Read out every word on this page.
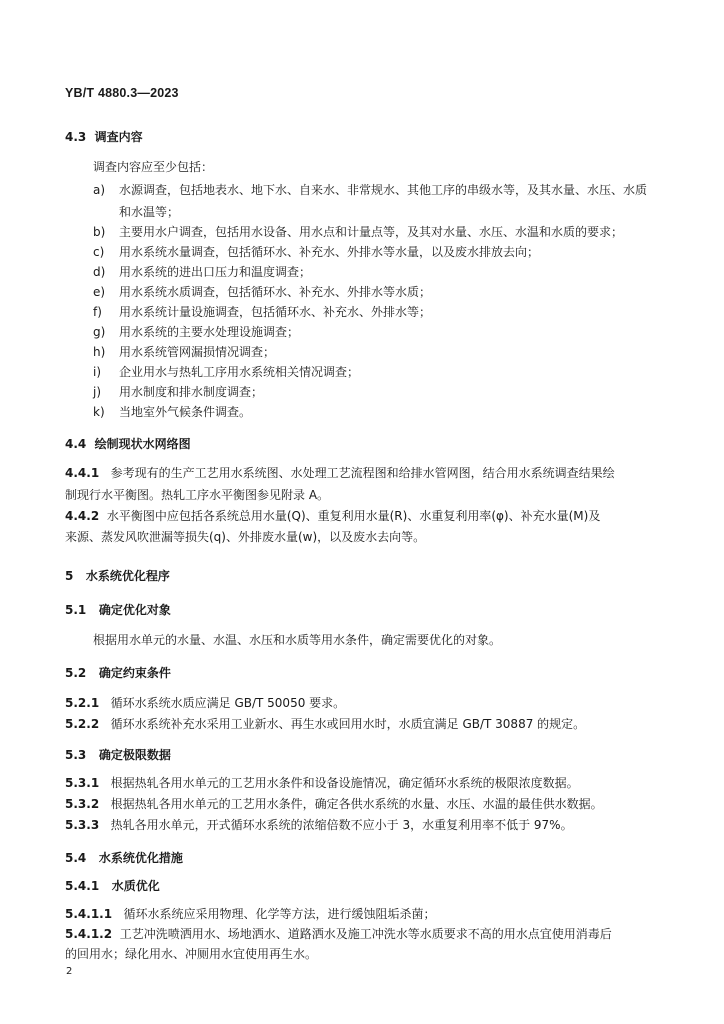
YB/T 4880.3—2023
4.3 调查内容
调查内容应至少包括：
a) 水源调查，包括地表水、地下水、自来水、非常规水、其他工序的串级水等，及其水量、水压、水质
和水温等；
b) 主要用水户调查，包括用水设备、用水点和计量点等，及其对水量、水压、水温和水质的要求；
c) 用水系统水量调查，包括循环水、补充水、外排水等水量，以及废水排放去向；
d) 用水系统的进出口压力和温度调查；
e) 用水系统水质调查，包括循环水、补充水、外排水等水质；
f) 用水系统计量设施调查，包括循环水、补充水、外排水等；
g) 用水系统的主要水处理设施调查；
h) 用水系统管网漏损情况调查；
i) 企业用水与热轧工序用水系统相关情况调查；
j) 用水制度和排水制度调查；
k) 当地室外气候条件调查。
4.4 绘制现状水网络图
4.4.1 参考现有的生产工艺用水系统图、水处理工艺流程图和给排水管网图，结合用水系统调查结果绘
制现行水平衡图。热轧工序水平衡图参见附录 A。
4.4.2 水平衡图中应包括各系统总用水量(Q)、重复利用水量(R)、水重复利用率(φ)、补充水量(M)及
来源、蒸发风吹泄漏等损失(q)、外排废水量(w)，以及废水去向等。
5 水系统优化程序
5.1 确定优化对象
根据用水单元的水量、水温、水压和水质等用水条件，确定需要优化的对象。
5.2 确定约束条件
5.2.1 循环水系统水质应满足 GB/T 50050 要求。
5.2.2 循环水系统补充水采用工业新水、再生水或回用水时，水质宜满足 GB/T 30887 的规定。
5.3 确定极限数据
5.3.1 根据热轧各用水单元的工艺用水条件和设备设施情况，确定循环水系统的极限浓度数据。
5.3.2 根据热轧各用水单元的工艺用水条件，确定各供水系统的水量、水压、水温的最佳供水数据。
5.3.3 热轧各用水单元，开式循环水系统的浓缩倍数不应小于 3，水重复利用率不低于 97%。
5.4 水系统优化措施
5.4.1 水质优化
5.4.1.1 循环水系统应采用物理、化学等方法，进行缓蚀阻垢杀菌；
5.4.1.2 工艺冲洗喷洒用水、场地洒水、道路洒水及施工冲洗水等水质要求不高的用水点宜使用消毒后
的回用水；绿化用水、冲厕用水宜使用再生水。
2
